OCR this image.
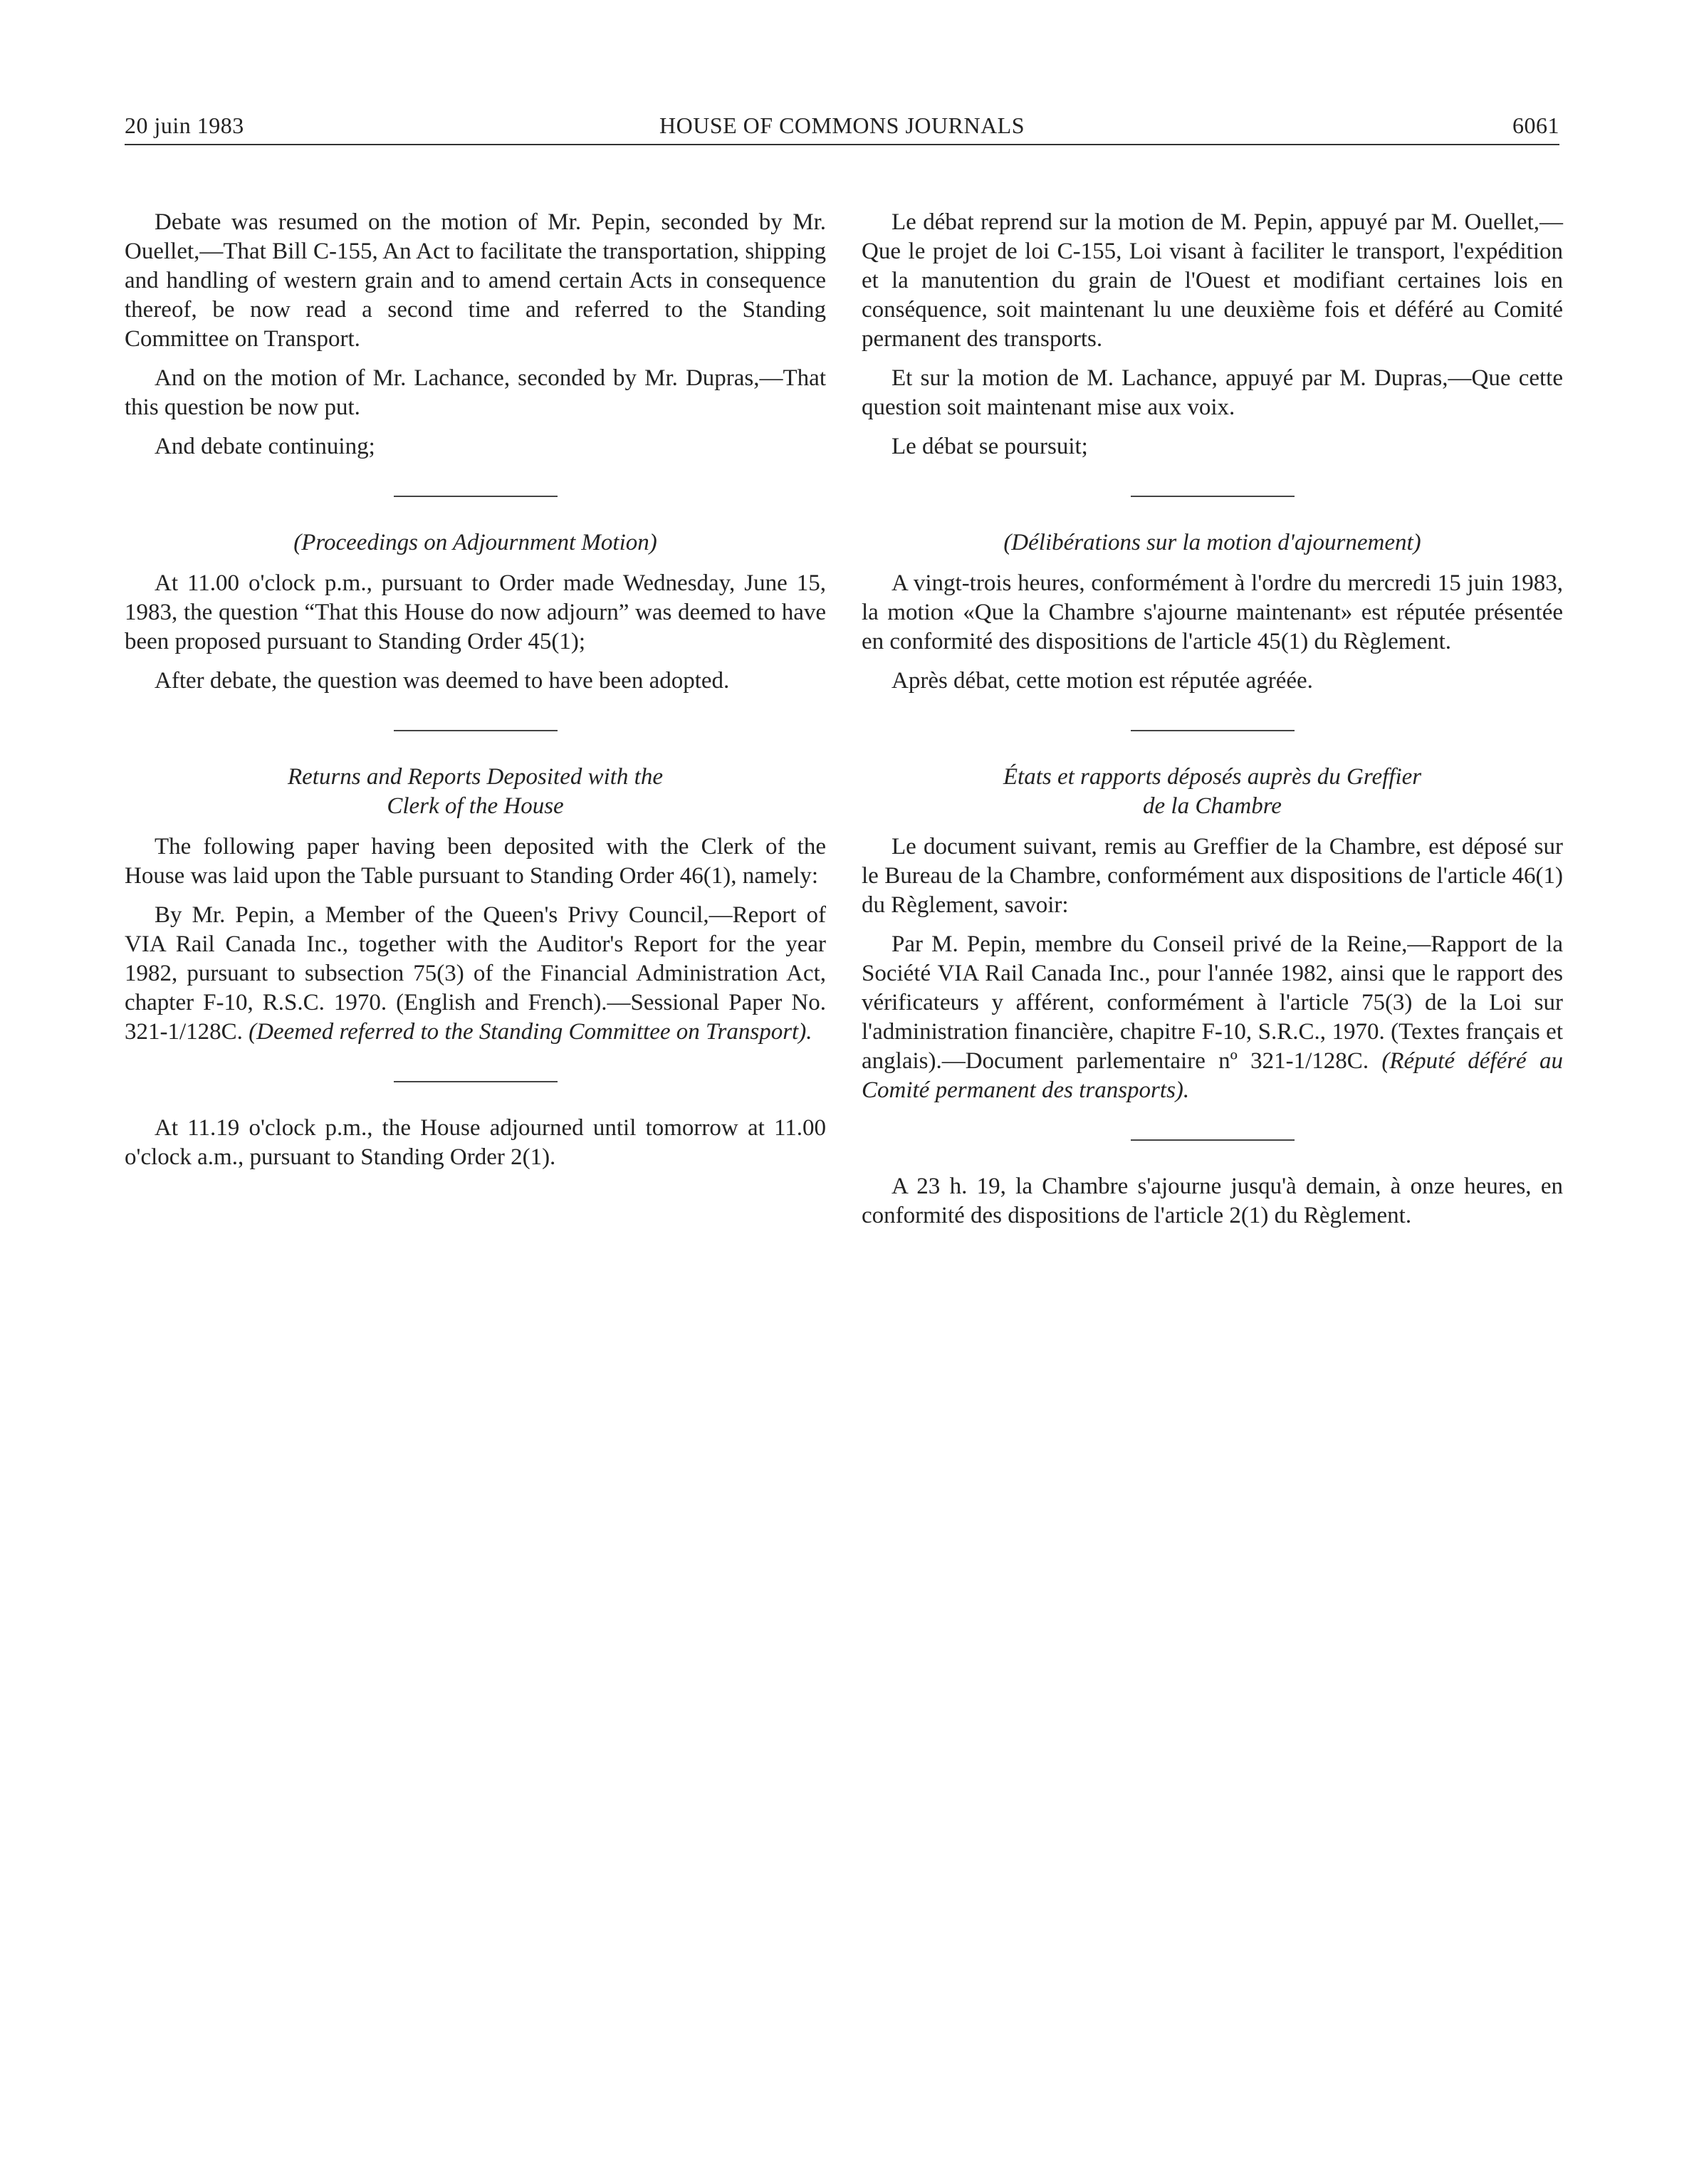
20 juin 1983	HOUSE OF COMMONS JOURNALS	6061

Debate was resumed on the motion of Mr. Pepin, seconded by Mr. Ouellet,—That Bill C-155, An Act to facilitate the transportation, shipping and handling of western grain and to amend certain Acts in consequence thereof, be now read a second time and referred to the Standing Committee on Transport.

And on the motion of Mr. Lachance, seconded by Mr. Dupras,—That this question be now put.

And debate continuing;

(Proceedings on Adjournment Motion)

At 11.00 o'clock p.m., pursuant to Order made Wednesday, June 15, 1983, the question “That this House do now adjourn” was deemed to have been proposed pursuant to Standing Order 45(1);

After debate, the question was deemed to have been adopted.

Returns and Reports Deposited with the
Clerk of the House

The following paper having been deposited with the Clerk of the House was laid upon the Table pursuant to Standing Order 46(1), namely:

By Mr. Pepin, a Member of the Queen's Privy Council,—Report of VIA Rail Canada Inc., together with the Auditor's Report for the year 1982, pursuant to subsection 75(3) of the Financial Administration Act, chapter F-10, R.S.C. 1970. (English and French).—Sessional Paper No. 321-1/128C. (Deemed referred to the Standing Committee on Transport).

At 11.19 o'clock p.m., the House adjourned until tomorrow at 11.00 o'clock a.m., pursuant to Standing Order 2(1).

Le débat reprend sur la motion de M. Pepin, appuyé par M. Ouellet,—Que le projet de loi C-155, Loi visant à faciliter le transport, l'expédition et la manutention du grain de l'Ouest et modifiant certaines lois en conséquence, soit maintenant lu une deuxième fois et déféré au Comité permanent des transports.

Et sur la motion de M. Lachance, appuyé par M. Dupras,—Que cette question soit maintenant mise aux voix.

Le débat se poursuit;

(Délibérations sur la motion d'ajournement)

A vingt-trois heures, conformément à l'ordre du mercredi 15 juin 1983, la motion «Que la Chambre s'ajourne maintenant» est réputée présentée en conformité des dispositions de l'article 45(1) du Règlement.

Après débat, cette motion est réputée agréée.

États et rapports déposés auprès du Greffier
de la Chambre

Le document suivant, remis au Greffier de la Chambre, est déposé sur le Bureau de la Chambre, conformément aux dispositions de l'article 46(1) du Règlement, savoir:

Par M. Pepin, membre du Conseil privé de la Reine,—Rapport de la Société VIA Rail Canada Inc., pour l'année 1982, ainsi que le rapport des vérificateurs y afférent, conformément à l'article 75(3) de la Loi sur l'administration financière, chapitre F-10, S.R.C., 1970. (Textes français et anglais).—Document parlementaire nº 321-1/128C. (Réputé déféré au Comité permanent des transports).

A 23 h. 19, la Chambre s'ajourne jusqu'à demain, à onze heures, en conformité des dispositions de l'article 2(1) du Règlement.
